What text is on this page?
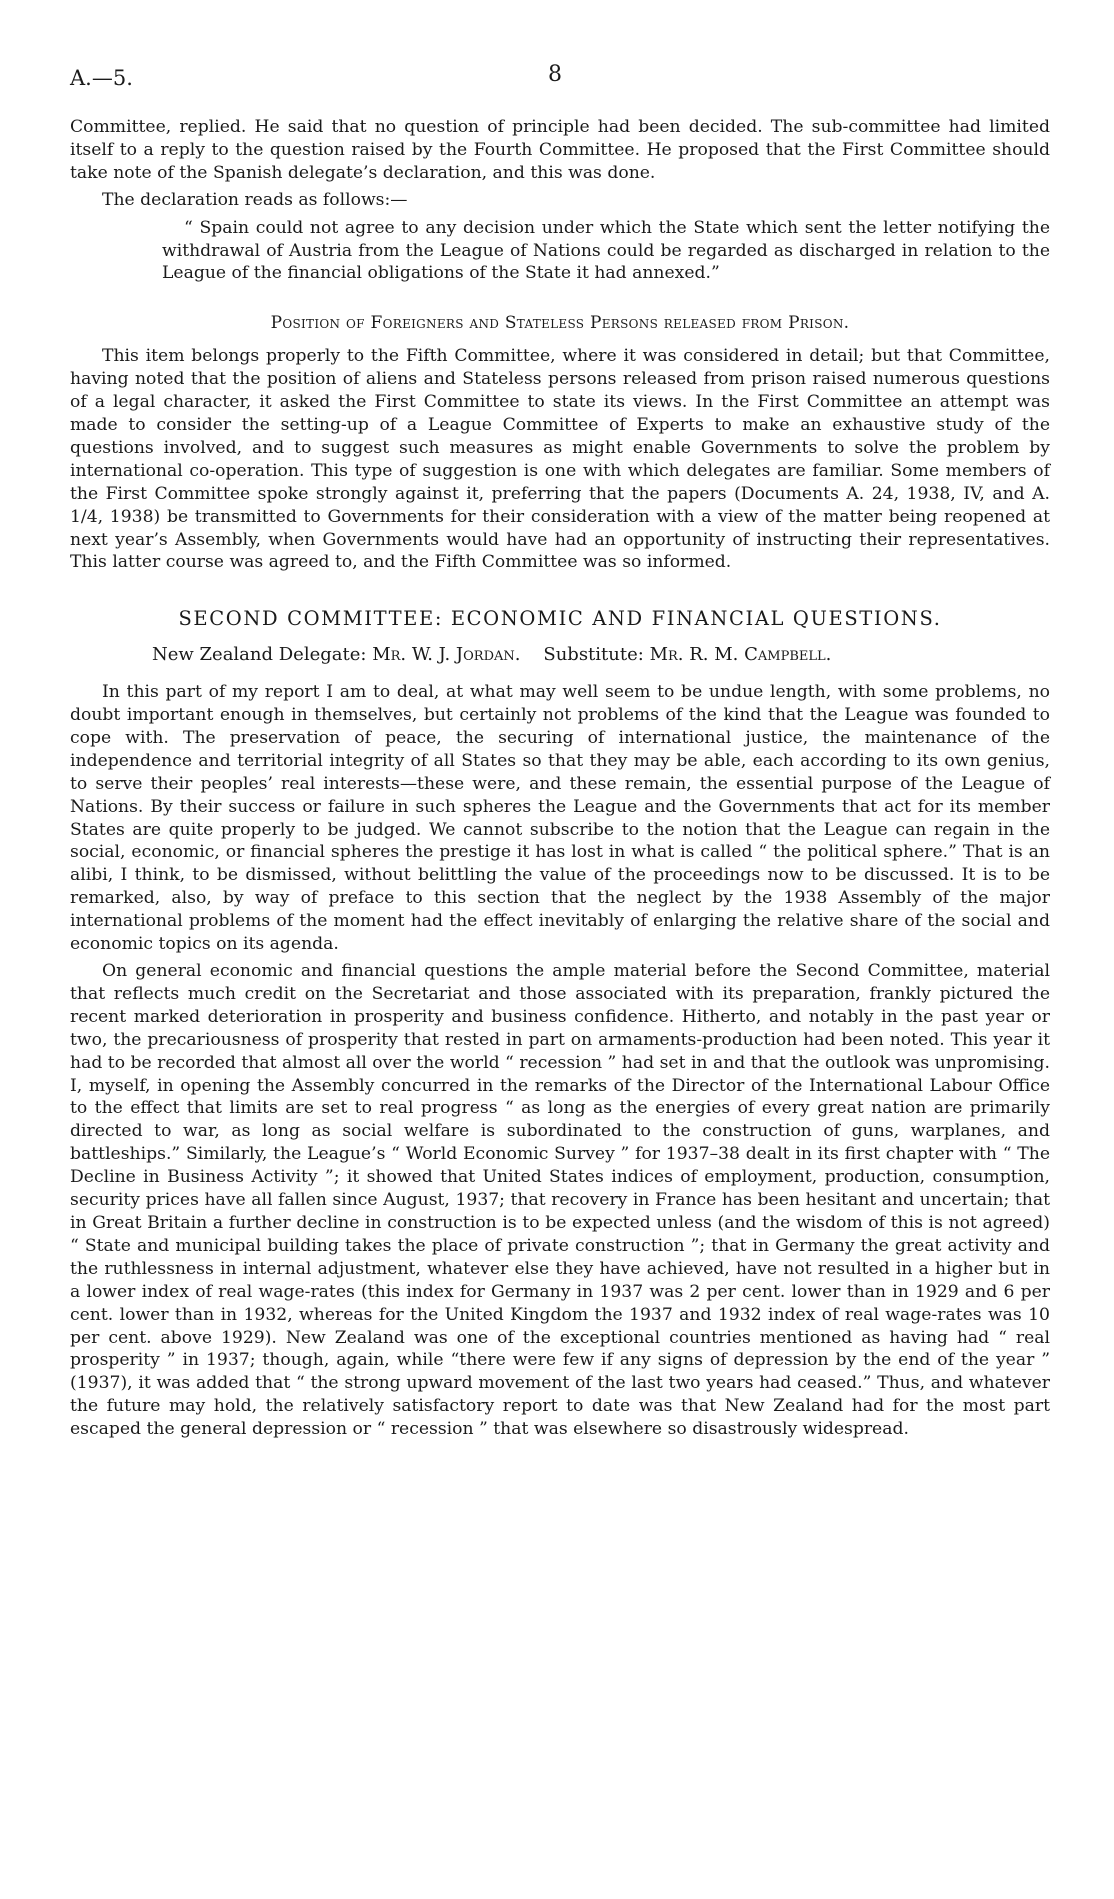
A.—5.	8

Committee, replied. He said that no question of principle had been decided. The sub-committee had limited itself to a reply to the question raised by the Fourth Committee. He proposed that the First Committee should take note of the Spanish delegate’s declaration, and this was done.

The declaration reads as follows:—

“ Spain could not agree to any decision under which the State which sent the letter notifying the withdrawal of Austria from the League of Nations could be regarded as discharged in relation to the League of the financial obligations of the State it had annexed.”

Position of Foreigners and Stateless Persons released from Prison.

This item belongs properly to the Fifth Committee, where it was considered in detail; but that Committee, having noted that the position of aliens and Stateless persons released from prison raised numerous questions of a legal character, it asked the First Committee to state its views. In the First Committee an attempt was made to consider the setting-up of a League Committee of Experts to make an exhaustive study of the questions involved, and to suggest such measures as might enable Governments to solve the problem by international co-operation. This type of suggestion is one with which delegates are familiar. Some members of the First Committee spoke strongly against it, preferring that the papers (Documents A. 24, 1938, IV, and A. 1/4, 1938) be transmitted to Governments for their consideration with a view of the matter being reopened at next year’s Assembly, when Governments would have had an opportunity of instructing their representatives. This latter course was agreed to, and the Fifth Committee was so informed.

SECOND COMMITTEE: ECONOMIC AND FINANCIAL QUESTIONS.
New Zealand Delegate: Mr. W. J. Jordan. Substitute: Mr. R. M. Campbell.

In this part of my report I am to deal, at what may well seem to be undue length, with some problems, no doubt important enough in themselves, but certainly not problems of the kind that the League was founded to cope with. The preservation of peace, the securing of international justice, the maintenance of the independence and territorial integrity of all States so that they may be able, each according to its own genius, to serve their peoples’ real interests—these were, and these remain, the essential purpose of the League of Nations. By their success or failure in such spheres the League and the Governments that act for its member States are quite properly to be judged. We cannot subscribe to the notion that the League can regain in the social, economic, or financial spheres the prestige it has lost in what is called “ the political sphere.” That is an alibi, I think, to be dismissed, without belittling the value of the proceedings now to be discussed. It is to be remarked, also, by way of preface to this section that the neglect by the 1938 Assembly of the major international problems of the moment had the effect inevitably of enlarging the relative share of the social and economic topics on its agenda.

On general economic and financial questions the ample material before the Second Committee, material that reflects much credit on the Secretariat and those associated with its preparation, frankly pictured the recent marked deterioration in prosperity and business confidence. Hitherto, and notably in the past year or two, the precariousness of prosperity that rested in part on armaments-production had been noted. This year it had to be recorded that almost all over the world “ recession ” had set in and that the outlook was unpromising. I, myself, in opening the Assembly concurred in the remarks of the Director of the International Labour Office to the effect that limits are set to real progress “ as long as the energies of every great nation are primarily directed to war, as long as social welfare is subordinated to the construction of guns, warplanes, and battleships.” Similarly, the League’s “ World Economic Survey ” for 1937–38 dealt in its first chapter with “ The Decline in Business Activity ”; it showed that United States indices of employment, production, consumption, security prices have all fallen since August, 1937; that recovery in France has been hesitant and uncertain; that in Great Britain a further decline in construction is to be expected unless (and the wisdom of this is not agreed) “ State and municipal building takes the place of private construction ”; that in Germany the great activity and the ruthlessness in internal adjustment, whatever else they have achieved, have not resulted in a higher but in a lower index of real wage-rates (this index for Germany in 1937 was 2 per cent. lower than in 1929 and 6 per cent. lower than in 1932, whereas for the United Kingdom the 1937 and 1932 index of real wage-rates was 10 per cent. above 1929). New Zealand was one of the exceptional countries mentioned as having had “ real prosperity ” in 1937; though, again, while “there were few if any signs of depression by the end of the year ” (1937), it was added that “ the strong upward movement of the last two years had ceased.” Thus, and whatever the future may hold, the relatively satisfactory report to date was that New Zealand had for the most part escaped the general depression or “ recession ” that was elsewhere so disastrously widespread.
